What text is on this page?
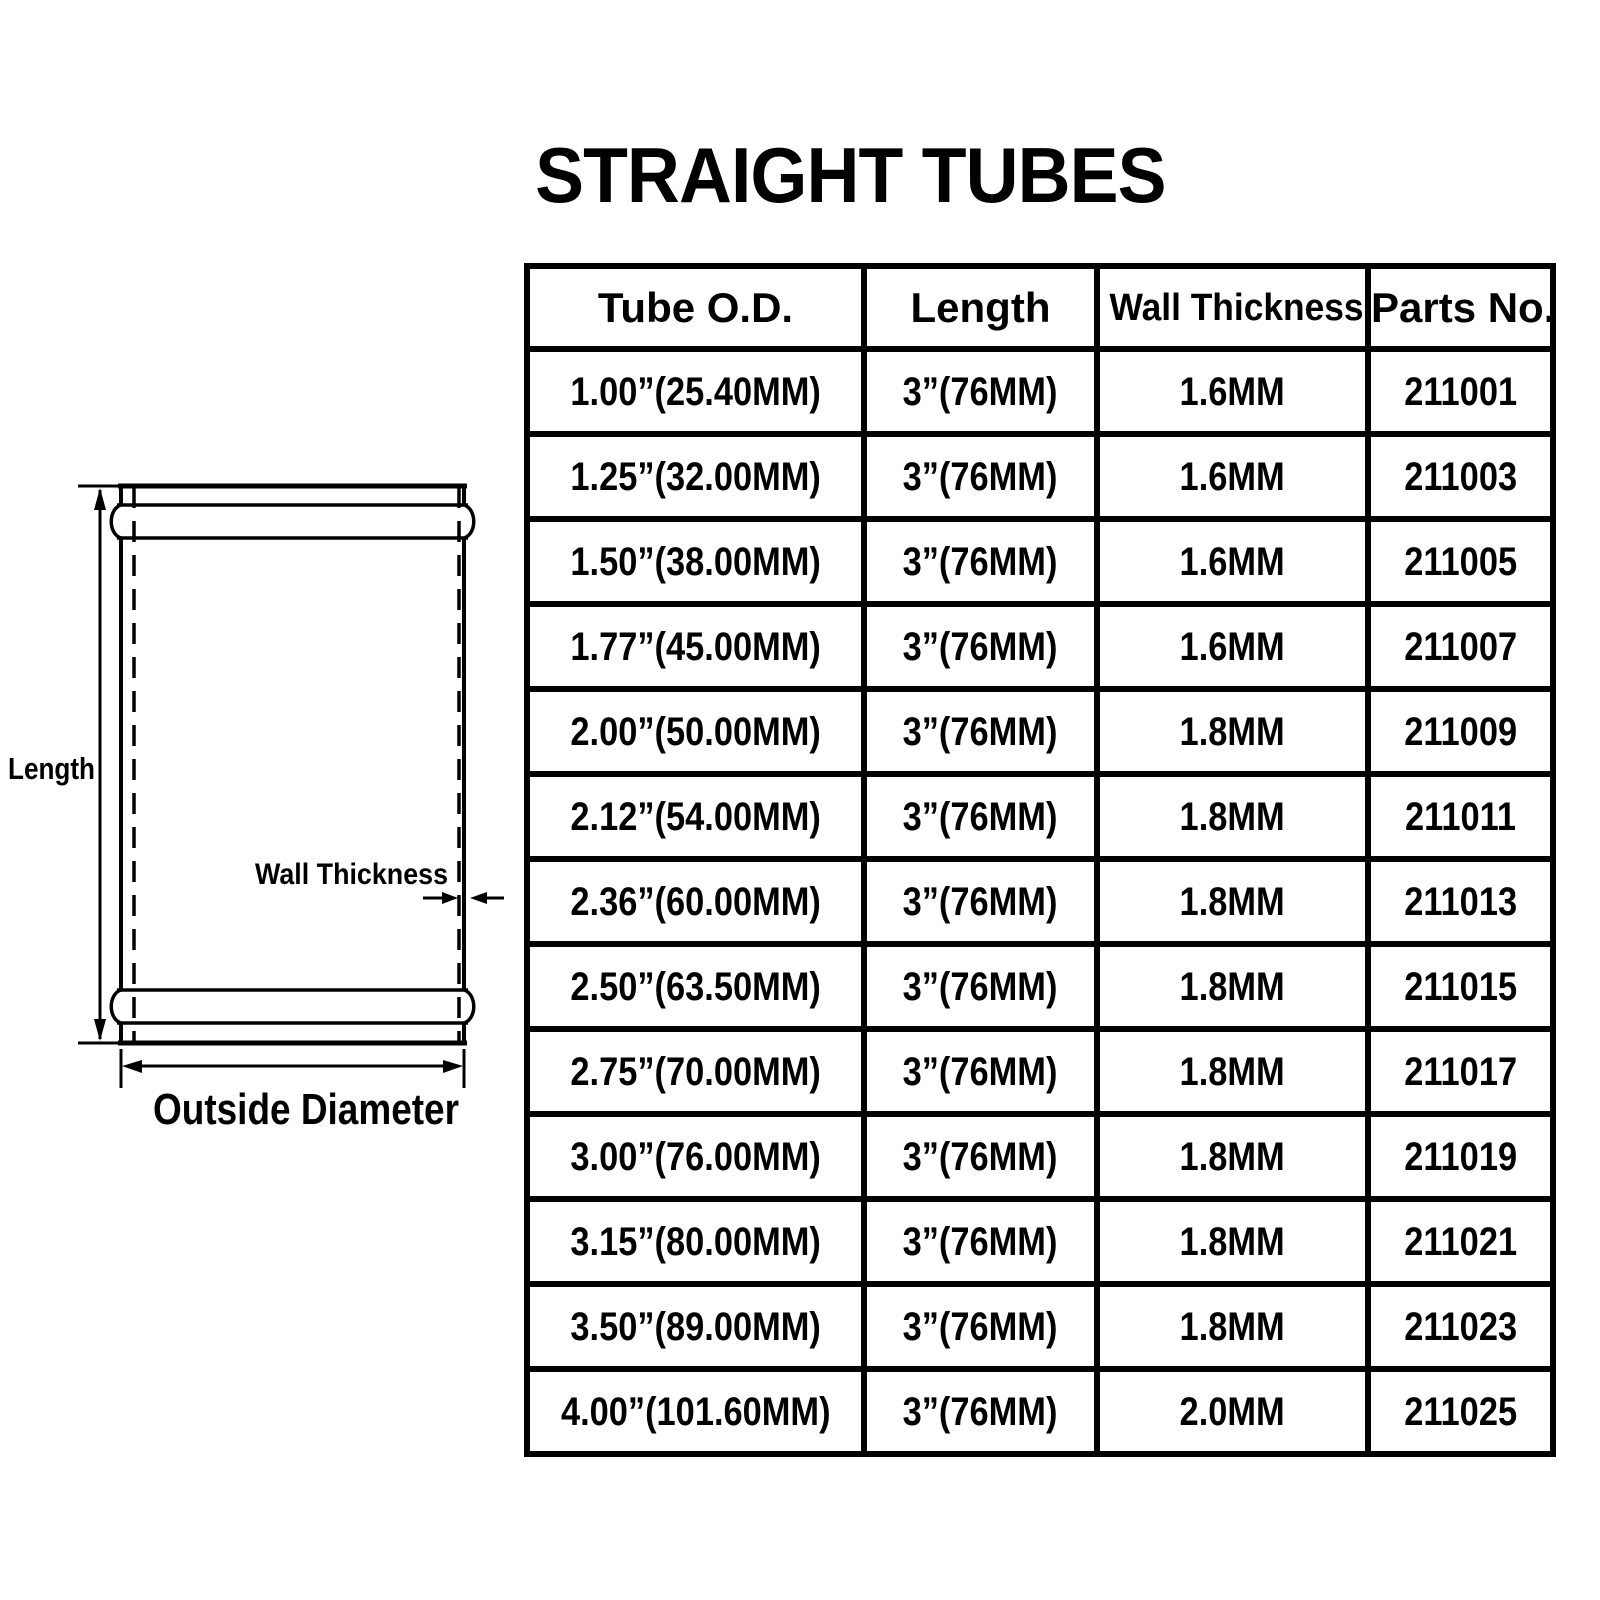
STRAIGHT TUBES
Length
Wall Thickness
Outside Diameter
Tube O.D.	Length	Wall Thickness	Parts No.
1.00”(25.40MM)	3”(76MM)	1.6MM	211001
1.25”(32.00MM)	3”(76MM)	1.6MM	211003
1.50”(38.00MM)	3”(76MM)	1.6MM	211005
1.77”(45.00MM)	3”(76MM)	1.6MM	211007
2.00”(50.00MM)	3”(76MM)	1.8MM	211009
2.12”(54.00MM)	3”(76MM)	1.8MM	211011
2.36”(60.00MM)	3”(76MM)	1.8MM	211013
2.50”(63.50MM)	3”(76MM)	1.8MM	211015
2.75”(70.00MM)	3”(76MM)	1.8MM	211017
3.00”(76.00MM)	3”(76MM)	1.8MM	211019
3.15”(80.00MM)	3”(76MM)	1.8MM	211021
3.50”(89.00MM)	3”(76MM)	1.8MM	211023
4.00”(101.60MM)	3”(76MM)	2.0MM	211025
